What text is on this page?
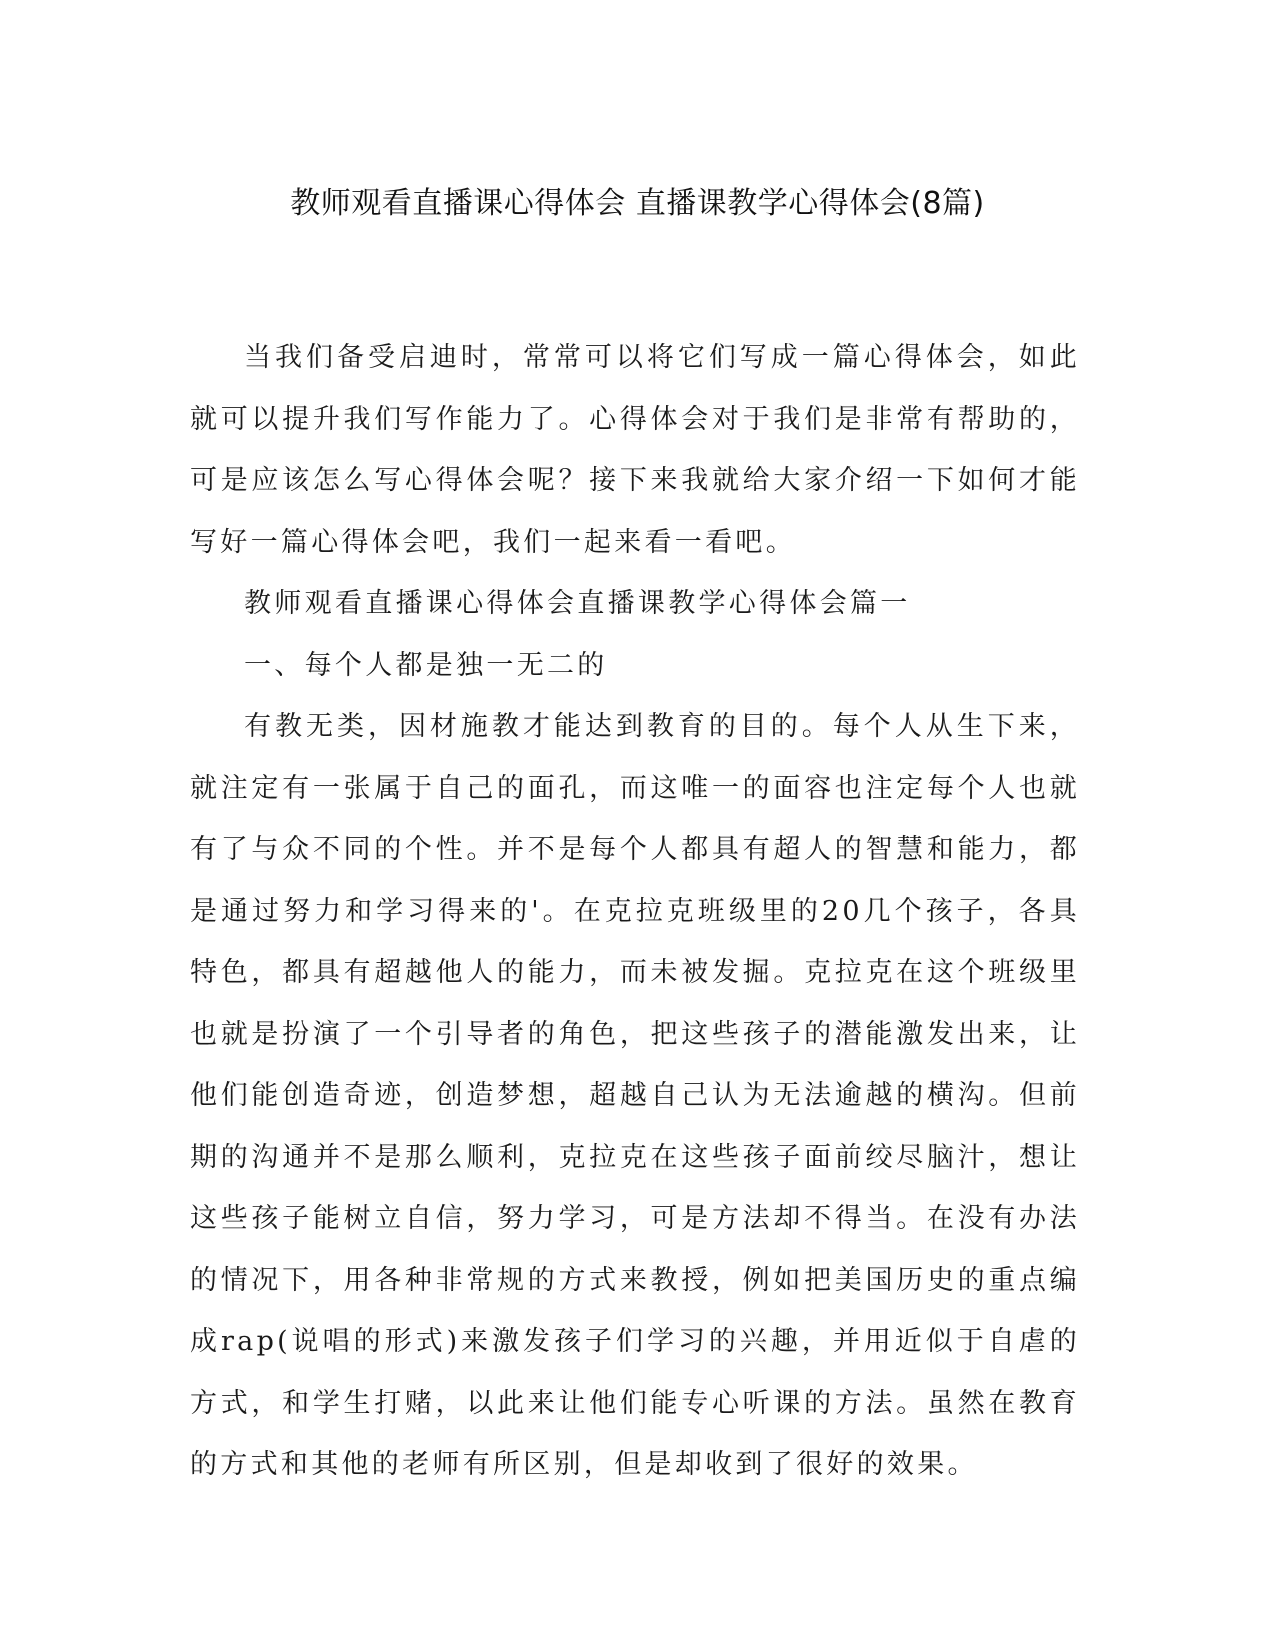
教师观看直播课心得体会 直播课教学心得体会(8篇)

当我们备受启迪时，常常可以将它们写成一篇心得体会，如此就可以提升我们写作能力了。心得体会对于我们是非常有帮助的，可是应该怎么写心得体会呢？接下来我就给大家介绍一下如何才能写好一篇心得体会吧，我们一起来看一看吧。

教师观看直播课心得体会直播课教学心得体会篇一

一、每个人都是独一无二的

有教无类，因材施教才能达到教育的目的。每个人从生下来，就注定有一张属于自己的面孔，而这唯一的面容也注定每个人也就有了与众不同的个性。并不是每个人都具有超人的智慧和能力，都是通过努力和学习得来的'。在克拉克班级里的20几个孩子，各具特色，都具有超越他人的能力，而未被发掘。克拉克在这个班级里也就是扮演了一个引导者的角色，把这些孩子的潜能激发出来，让他们能创造奇迹，创造梦想，超越自己认为无法逾越的横沟。但前期的沟通并不是那么顺利，克拉克在这些孩子面前绞尽脑汁，想让这些孩子能树立自信，努力学习，可是方法却不得当。在没有办法的情况下，用各种非常规的方式来教授，例如把美国历史的重点编成rap(说唱的形式)来激发孩子们学习的兴趣，并用近似于自虐的方式，和学生打赌，以此来让他们能专心听课的方法。虽然在教育的方式和其他的老师有所区别，但是却收到了很好的效果。
